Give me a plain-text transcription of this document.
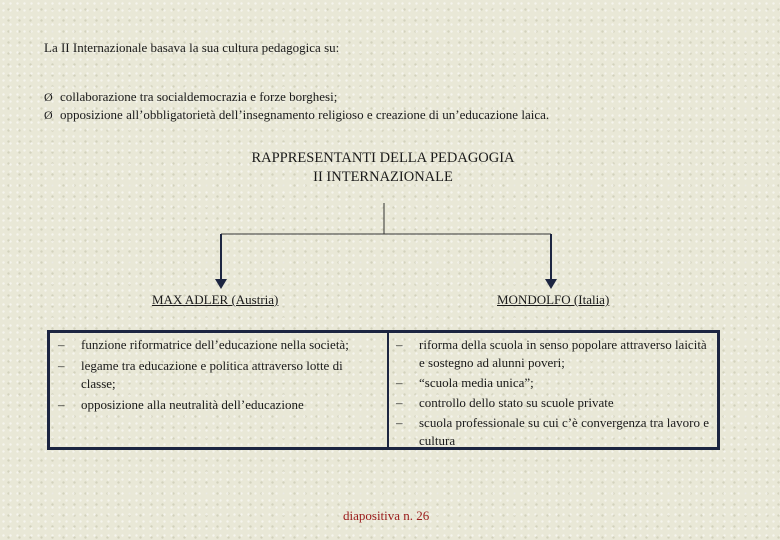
La II Internazionale basava la sua cultura pedagogica su:
Ø collaborazione tra socialdemocrazia e forze borghesi;
Ø opposizione all’obbligatorietà dell’insegnamento religioso e creazione di un’educazione laica.
RAPPRESENTANTI DELLA PEDAGOGIA
II INTERNAZIONALE
MAX ADLER (Austria)	MONDOLFO (Italia)
–	funzione riformatrice dell’educazione nella società;
–	legame tra educazione e politica attraverso lotte di classe;
–	opposizione alla neutralità dell’educazione
–	riforma della scuola in senso popolare attraverso laicità e sostegno ad alunni poveri;
–	“scuola media unica”;
–	controllo dello stato su scuole private
–	scuola professionale su cui c’è convergenza tra lavoro e cultura
diapositiva n. 26
